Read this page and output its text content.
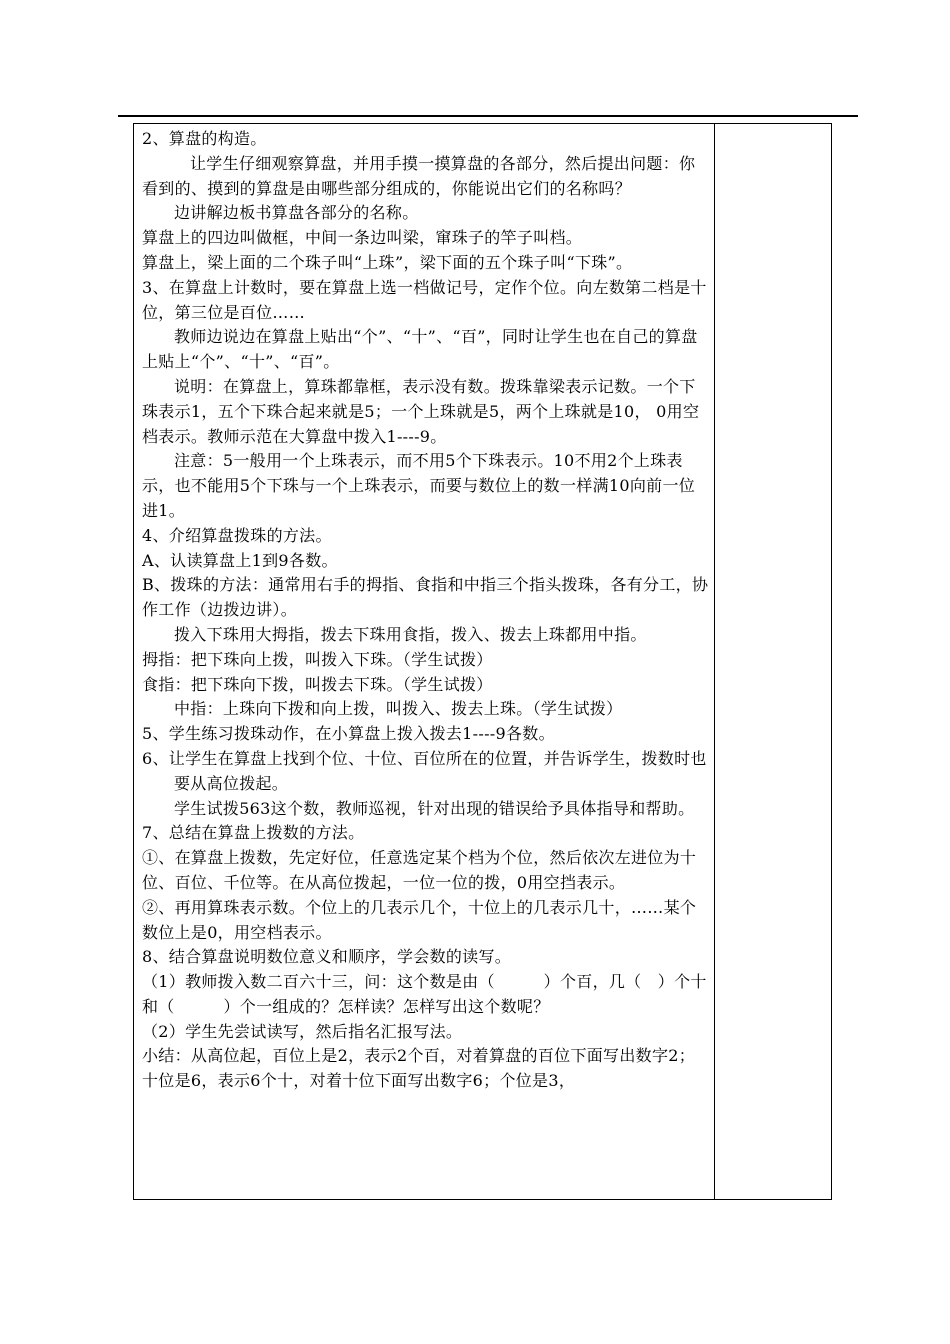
2、算盘的构造。

让学生仔细观察算盘，并用手摸一摸算盘的各部分，然后提出问题：你看到的、摸到的算盘是由哪些部分组成的，你能说出它们的名称吗？

边讲解边板书算盘各部分的名称。

算盘上的四边叫做框，中间一条边叫梁，窜珠子的竿子叫档。

算盘上，梁上面的二个珠子叫“上珠”，梁下面的五个珠子叫“下珠”。

3、在算盘上计数时，要在算盘上选一档做记号，定作个位。向左数第二档是十位，第三位是百位……

教师边说边在算盘上贴出“个”、“十”、“百”，同时让学生也在自己的算盘上贴上“个”、“十”、“百”。

说明：在算盘上，算珠都靠框，表示没有数。拨珠靠梁表示记数。一个下珠表示1，五个下珠合起来就是5；一个上珠就是5，两个上珠就是10， 0用空档表示。教师示范在大算盘中拨入1----9。

注意：5一般用一个上珠表示，而不用5个下珠表示。10不用2个上珠表示，也不能用5个下珠与一个上珠表示，而要与数位上的数一样满10向前一位进1。

4、介绍算盘拨珠的方法。

A、认读算盘上1到9各数。

B、拨珠的方法：通常用右手的拇指、食指和中指三个指头拨珠，各有分工，协作工作（边拨边讲）。

拨入下珠用大拇指，拨去下珠用食指，拨入、拨去上珠都用中指。

拇指：把下珠向上拨，叫拨入下珠。（学生试拨）

食指：把下珠向下拨，叫拨去下珠。（学生试拨）

中指：上珠向下拨和向上拨，叫拨入、拨去上珠。（学生试拨）

5、学生练习拨珠动作，在小算盘上拨入拨去1----9各数。

6、让学生在算盘上找到个位、十位、百位所在的位置，并告诉学生，拨数时也要从高位拨起。

学生试拨563这个数，教师巡视，针对出现的错误给予具体指导和帮助。

7、总结在算盘上拨数的方法。

①、在算盘上拨数，先定好位，任意选定某个档为个位，然后依次左进位为十位、百位、千位等。在从高位拨起，一位一位的拨，0用空挡表示。

②、再用算珠表示数。个位上的几表示几个，十位上的几表示几十，……某个数位上是0，用空档表示。

8、结合算盘说明数位意义和顺序，学会数的读写。

（1）教师拨入数二百六十三，问：这个数是由（　　　）个百，几（　）个十和（　　　）个一组成的？怎样读？怎样写出这个数呢？

（2）学生先尝试读写，然后指名汇报写法。

小结：从高位起，百位上是2，表示2个百，对着算盘的百位下面写出数字2；十位是6，表示6个十，对着十位下面写出数字6；个位是3，
